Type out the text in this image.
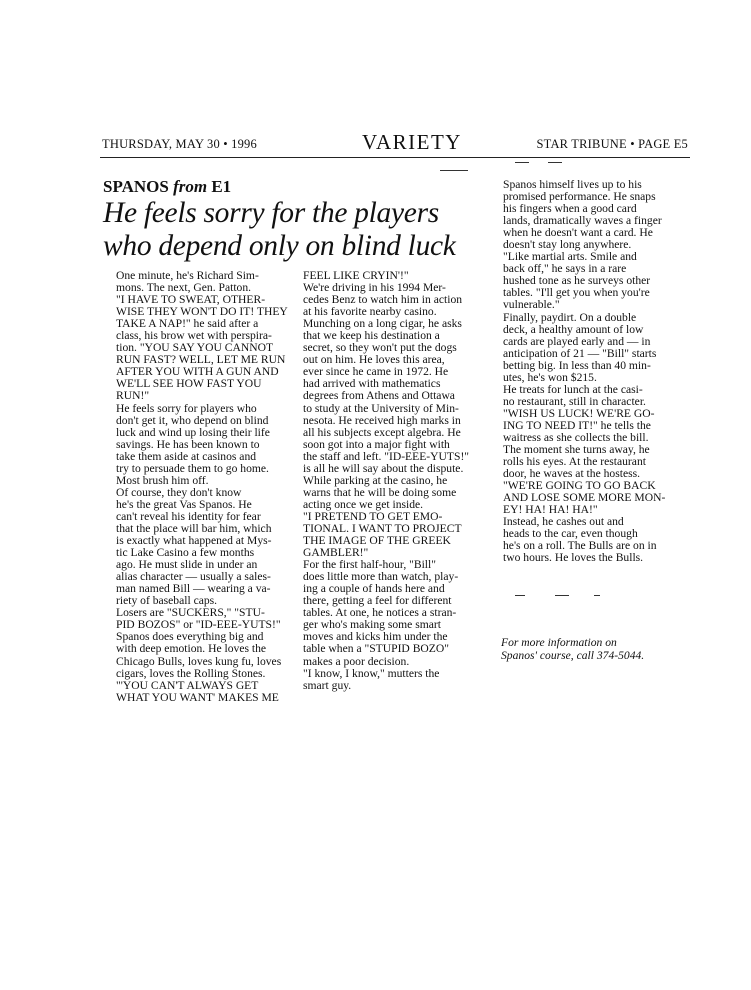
THURSDAY, MAY 30 • 1996	VARIETY	STAR TRIBUNE • PAGE E5
SPANOS from E1
He feels sorry for the players
who depend only on blind luck
One minute, he's Richard Sim-
mons. The next, Gen. Patton.
"I HAVE TO SWEAT, OTHER-
WISE THEY WON'T DO IT! THEY
TAKE A NAP!" he said after a
class, his brow wet with perspira-
tion. "YOU SAY YOU CANNOT
RUN FAST? WELL, LET ME RUN
AFTER YOU WITH A GUN AND
WE'LL SEE HOW FAST YOU
RUN!"
He feels sorry for players who
don't get it, who depend on blind
luck and wind up losing their life
savings. He has been known to
take them aside at casinos and
try to persuade them to go home.
Most brush him off.
Of course, they don't know
he's the great Vas Spanos. He
can't reveal his identity for fear
that the place will bar him, which
is exactly what happened at Mys-
tic Lake Casino a few months
ago. He must slide in under an
alias character — usually a sales-
man named Bill — wearing a va-
riety of baseball caps.
Losers are "SUCKERS," "STU-
PID BOZOS" or "ID-EEE-YUTS!"
Spanos does everything big and
with deep emotion. He loves the
Chicago Bulls, loves kung fu, loves
cigars, loves the Rolling Stones.
"'YOU CAN'T ALWAYS GET
WHAT YOU WANT' MAKES ME
FEEL LIKE CRYIN'!"
We're driving in his 1994 Mer-
cedes Benz to watch him in action
at his favorite nearby casino.
Munching on a long cigar, he asks
that we keep his destination a
secret, so they won't put the dogs
out on him. He loves this area,
ever since he came in 1972. He
had arrived with mathematics
degrees from Athens and Ottawa
to study at the University of Min-
nesota. He received high marks in
all his subjects except algebra. He
soon got into a major fight with
the staff and left. "ID-EEE-YUTS!"
is all he will say about the dispute.
While parking at the casino, he
warns that he will be doing some
acting once we get inside.
"I PRETEND TO GET EMO-
TIONAL. I WANT TO PROJECT
THE IMAGE OF THE GREEK
GAMBLER!"
For the first half-hour, "Bill"
does little more than watch, play-
ing a couple of hands here and
there, getting a feel for different
tables. At one, he notices a stran-
ger who's making some smart
moves and kicks him under the
table when a "STUPID BOZO"
makes a poor decision.
"I know, I know," mutters the
smart guy.
Spanos himself lives up to his
promised performance. He snaps
his fingers when a good card
lands, dramatically waves a finger
when he doesn't want a card. He
doesn't stay long anywhere.
"Like martial arts. Smile and
back off," he says in a rare
hushed tone as he surveys other
tables. "I'll get you when you're
vulnerable."
Finally, paydirt. On a double
deck, a healthy amount of low
cards are played early and — in
anticipation of 21 — "Bill" starts
betting big. In less than 40 min-
utes, he's won $215.
He treats for lunch at the casi-
no restaurant, still in character.
"WISH US LUCK! WE'RE GO-
ING TO NEED IT!" he tells the
waitress as she collects the bill.
The moment she turns away, he
rolls his eyes. At the restaurant
door, he waves at the hostess.
"WE'RE GOING TO GO BACK
AND LOSE SOME MORE MON-
EY! HA! HA! HA!"
Instead, he cashes out and
heads to the car, even though
he's on a roll. The Bulls are on in
two hours. He loves the Bulls.
For more information on
Spanos' course, call 374-5044.
